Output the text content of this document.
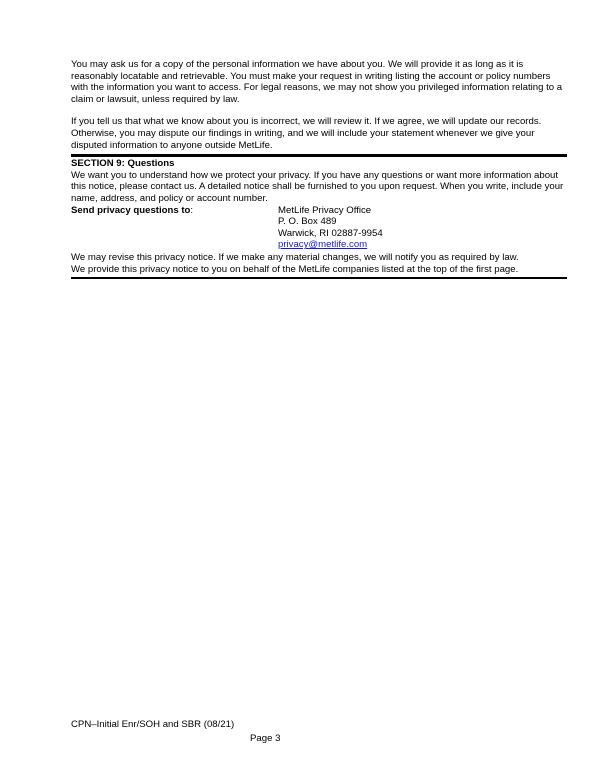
You may ask us for a copy of the personal information we have about you. We will provide it as long as it is reasonably locatable and retrievable. You must make your request in writing listing the account or policy numbers with the information you want to access. For legal reasons, we may not show you privileged information relating to a claim or lawsuit, unless required by law.

If you tell us that what we know about you is incorrect, we will review it. If we agree, we will update our records. Otherwise, you may dispute our findings in writing, and we will include your statement whenever we give your disputed information to anyone outside MetLife.

SECTION 9: Questions

We want you to understand how we protect your privacy. If you have any questions or want more information about this notice, please contact us. A detailed notice shall be furnished to you upon request. When you write, include your name, address, and policy or account number.

Send privacy questions to:	MetLife Privacy Office
P. O. Box 489
Warwick, RI 02887-9954
privacy@metlife.com

We may revise this privacy notice. If we make any material changes, we will notify you as required by law.

We provide this privacy notice to you on behalf of the MetLife companies listed at the top of the first page.

CPN–Initial Enr/SOH and SBR (08/21)
Page 3
